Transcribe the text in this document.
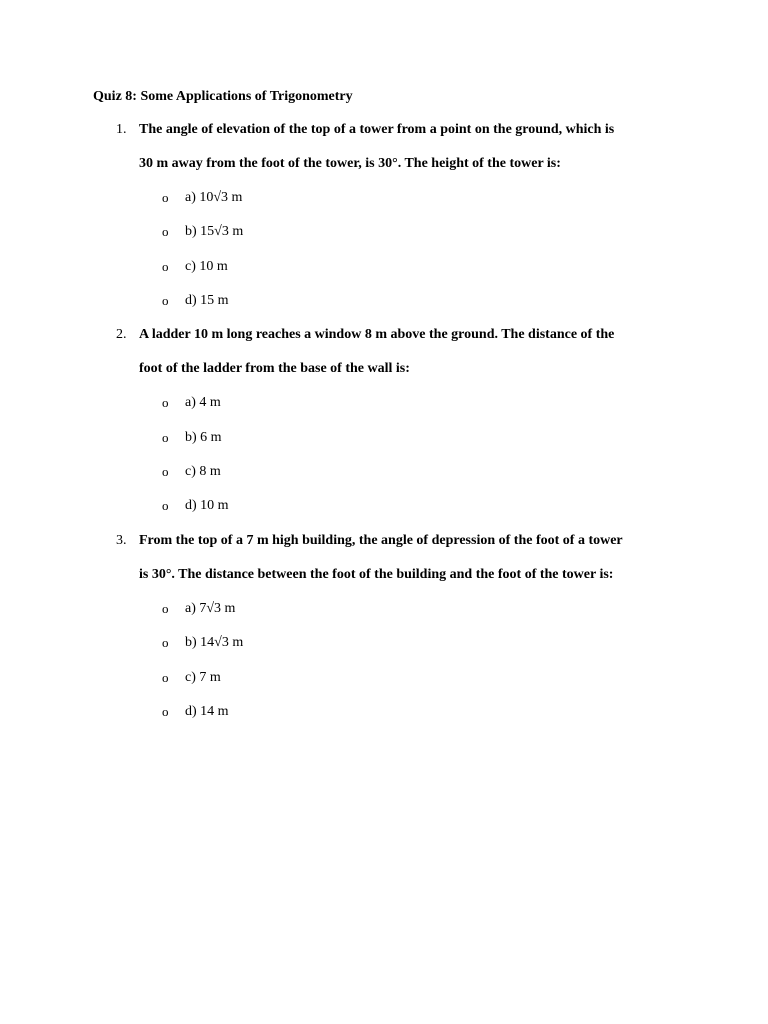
Quiz 8: Some Applications of Trigonometry
1. The angle of elevation of the top of a tower from a point on the ground, which is
30 m away from the foot of the tower, is 30°. The height of the tower is:
o a) 10√3 m
o b) 15√3 m
o c) 10 m
o d) 15 m
2. A ladder 10 m long reaches a window 8 m above the ground. The distance of the
foot of the ladder from the base of the wall is:
o a) 4 m
o b) 6 m
o c) 8 m
o d) 10 m
3. From the top of a 7 m high building, the angle of depression of the foot of a tower
is 30°. The distance between the foot of the building and the foot of the tower is:
o a) 7√3 m
o b) 14√3 m
o c) 7 m
o d) 14 m
